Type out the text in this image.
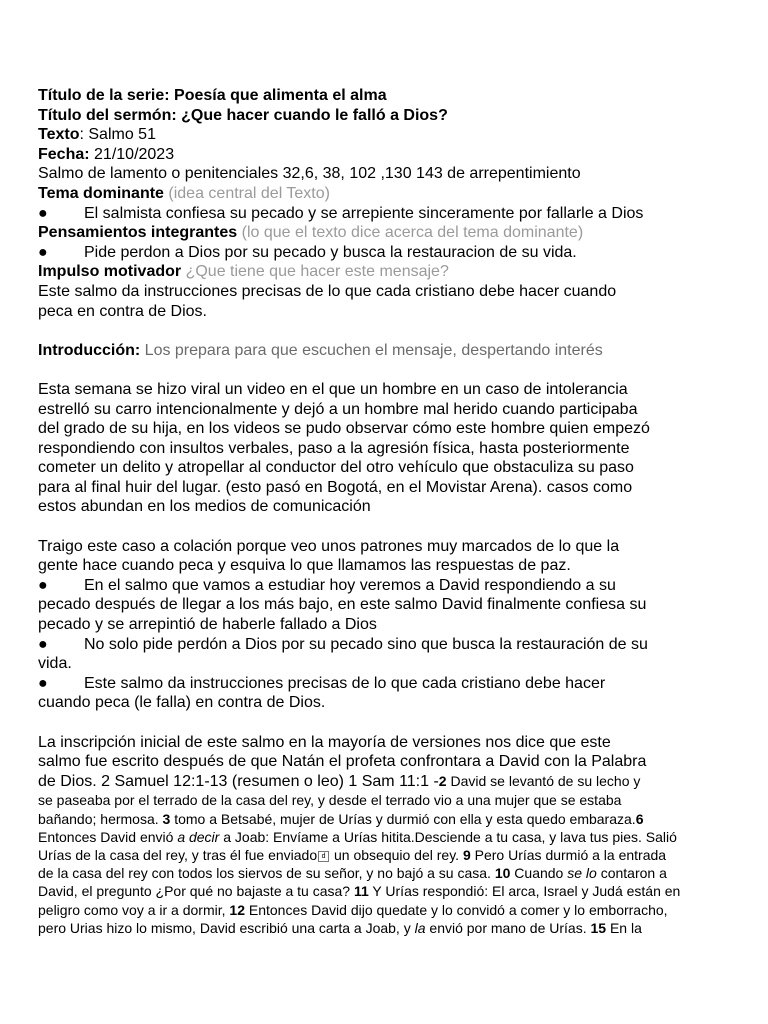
Título de la serie: Poesía que alimenta el alma

Título del sermón: ¿Que hacer cuando le falló a Dios?

Texto: Salmo 51

Fecha: 21/10/2023

Salmo de lamento o penitenciales 32,6, 38, 102 ,130 143 de arrepentimiento

Tema dominante (idea central del Texto)

● El salmista confiesa su pecado y se arrepiente sinceramente por fallarle a Dios

Pensamientos integrantes (lo que el texto dice acerca del tema dominante)

● Pide perdon a Dios por su pecado y busca la restauracion de su vida.

Impulso motivador ¿Que tiene que hacer este mensaje?

Este salmo da instrucciones precisas de lo que cada cristiano debe hacer cuando

peca en contra de Dios.

Introducción: Los prepara para que escuchen el mensaje, despertando interés

Esta semana se hizo viral un video en el que un hombre en un caso de intolerancia

estrelló su carro intencionalmente y dejó a un hombre mal herido cuando participaba

del grado de su hija, en los videos se pudo observar cómo este hombre quien empezó

respondiendo con insultos verbales, paso a la agresión física, hasta posteriormente

cometer un delito y atropellar al conductor del otro vehículo que obstaculiza su paso

para al final huir del lugar. (esto pasó en Bogotá, en el Movistar Arena). casos como

estos abundan en los medios de comunicación

Traigo este caso a colación porque veo unos patrones muy marcados de lo que la

gente hace cuando peca y esquiva lo que llamamos las respuestas de paz.

● En el salmo que vamos a estudiar hoy veremos a David respondiendo a su

pecado después de llegar a los más bajo, en este salmo David finalmente confiesa su

pecado y se arrepintió de haberle fallado a Dios

● No solo pide perdón a Dios por su pecado sino que busca la restauración de su

vida.

● Este salmo da instrucciones precisas de lo que cada cristiano debe hacer

cuando peca (le falla) en contra de Dios.

La inscripción inicial de este salmo en la mayoría de versiones nos dice que este

salmo fue escrito después de que Natán el profeta confrontara a David con la Palabra

de Dios. 2 Samuel 12:1-13 (resumen o leo) 1 Sam 11:1 -2 David se levantó de su lecho y

se paseaba por el terrado de la casa del rey, y desde el terrado vio a una mujer que se estaba

bañando; hermosa. 3 tomo a Betsabé, mujer de Urías y durmió con ella y esta quedo embaraza.6

Entonces David envió a decir a Joab: Envíame a Urías hitita.Desciende a tu casa, y lava tus pies. Salió

Urías de la casa del rey, y tras él fue enviado d un obsequio del rey. 9 Pero Urías durmió a la entrada

de la casa del rey con todos los siervos de su señor, y no bajó a su casa. 10 Cuando se lo contaron a

David, el pregunto ¿Por qué no bajaste a tu casa? 11 Y Urías respondió: El arca, Israel y Judá están en

peligro como voy a ir a dormir, 12 Entonces David dijo quedate y lo convidó a comer y lo emborracho,

pero Urias hizo lo mismo, David escribió una carta a Joab, y la envió por mano de Urías. 15 En la
